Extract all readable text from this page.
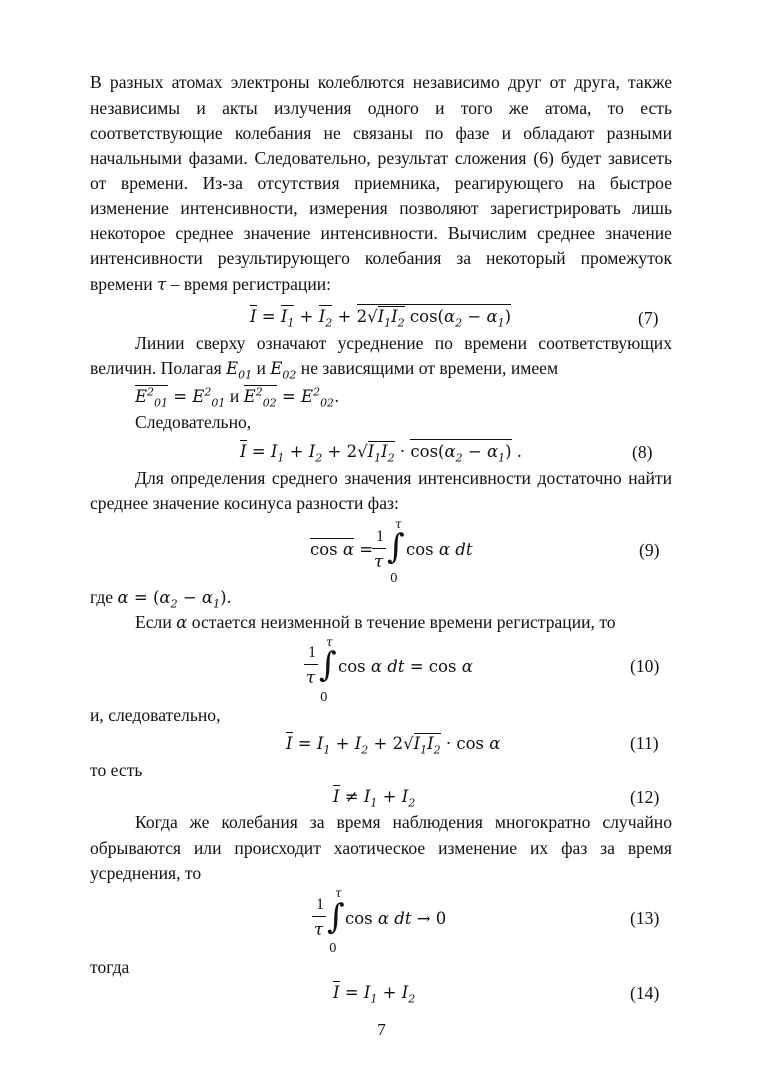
В разных атомах электроны колеблются независимо друг от друга, также
независимы и акты излучения одного и того же атома, то есть
соответствующие колебания не связаны по фазе и обладают разными
начальными фазами. Следовательно, результат сложения (6) будет зависеть
от времени. Из-за отсутствия приемника, реагирующего на быстрое
изменение интенсивности, измерения позволяют зарегистрировать лишь
некоторое среднее значение интенсивности. Вычислим среднее значение
интенсивности результирующего колебания за некоторый промежуток
времени τ – время регистрации:
$I = I_1 + I_2 + 2√I_1I_2$ $\cos(\alpha_2 - \alpha_1)$	(7)
Линии сверху означают усреднение по времени соответствующих
величин. Полагая $E_{01}$ и $E_{02}$ не зависящими от времени, имеем
$E^2_{01} = E^2_{01}$ и $E^2_{02} = E^2_{02}$.
Следовательно,
$I = I_1 + I_2 + 2√I_1I_2 \cdot \cos(\alpha_2 - \alpha_1)$ .	(8)
Для определения среднего значения интенсивности достаточно найти
среднее значение косинуса разности фаз:
cos α =
1
τ
τ
∫
0
cos α dt	(9)
где $\alpha = (\alpha_2 - \alpha_1)$.
Если α остается неизменной в течение времени регистрации, то
1
τ
τ
∫
0
cos α dt = cos α	(10)
и, следовательно,
$I = I_1 + I_2 + 2√I_1I_2 \cdot \cos \alpha$	(11)
то есть
$I \ne I_1 + I_2$	(12)
Когда же колебания за время наблюдения многократно случайно
обрываются или происходит хаотическое изменение их фаз за время
усреднения, то
1
τ
τ
∫
0
cos α dt → 0	(13)
тогда
$I = I_1 + I_2$	(14)
7
